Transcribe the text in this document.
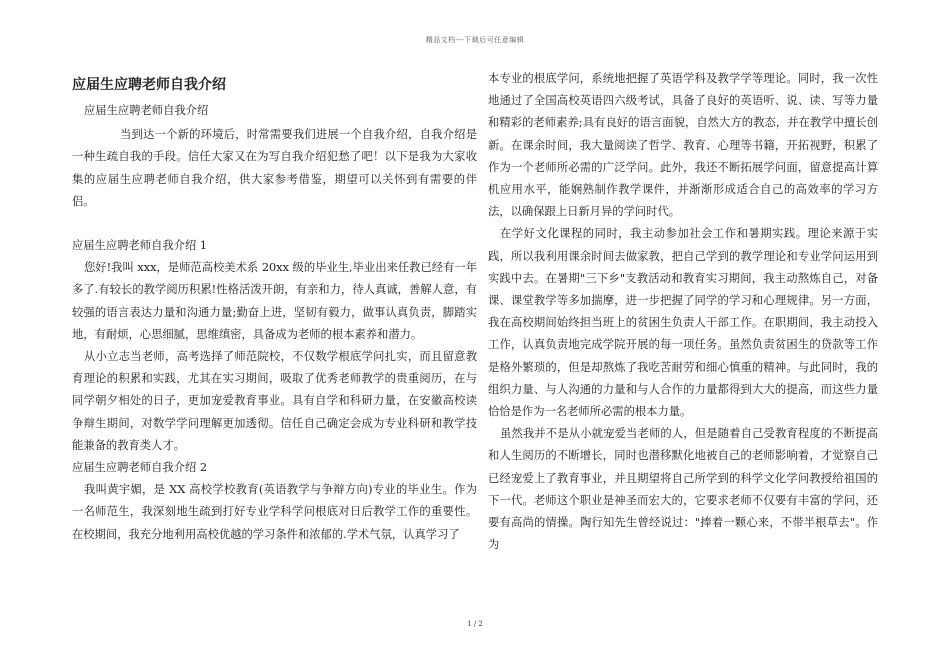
精品文档---下载后可任意编辑
应届生应聘老师自我介绍

应届生应聘老师自我介绍

当到达一个新的环境后，时常需要我们进展一个自我介绍，自我介绍是一种生疏自我的手段。信任大家又在为写自我介绍犯愁了吧！以下是我为大家收集的应届生应聘老师自我介绍，供大家参考借鉴，期望可以关怀到有需要的伴侣。

应届生应聘老师自我介绍 1

您好!我叫 xxx，是师范高校美术系 20xx 级的毕业生,毕业出来任教已经有一年多了.有较长的教学阅历积累!性格活泼开朗，有亲和力，待人真诚，善解人意，有较强的语言表达力量和沟通力量;勤奋上进，坚韧有毅力，做事认真负责，脚踏实地，有耐烦，心思细腻，思维缜密，具备成为老师的根本素养和潜力。

从小立志当老师，高考选择了师范院校，不仅数学根底学问扎实，而且留意教育理论的积累和实践，尤其在实习期间，吸取了优秀老师教学的贵重阅历，在与同学朝夕相处的日子，更加宠爱教育事业。具有自学和科研力量，在安徽高校读争辩生期间，对数学学问理解更加透彻。信任自己确定会成为专业科研和教学技能兼备的教育类人才。

应届生应聘老师自我介绍 2

我叫黄宇媚，是 XX 高校学校教育(英语教学与争辩方向)专业的毕业生。作为一名师范生，我深刻地生疏到打好专业学科学问根底对日后教学工作的重要性。在校期间，我充分地利用高校优越的学习条件和浓郁的.学术气氛，认真学习了

本专业的根底学问，系统地把握了英语学科及教学学等理论。同时，我一次性地通过了全国高校英语四六级考试，具备了良好的英语听、说、读、写等力量和精彩的老师素养;具有良好的语言面貌，自然大方的教态，并在教学中擅长创新。在课余时间，我大量阅读了哲学、教育、心理等书籍，开拓视野，积累了作为一个老师所必需的广泛学问。此外，我还不断拓展学问面，留意提高计算机应用水平，能娴熟制作教学课件，并渐渐形成适合自己的高效率的学习方法，以确保跟上日新月异的学问时代。

在学好文化课程的同时，我主动参加社会工作和暑期实践。理论来源于实践，所以我利用课余时间去做家教，把自己学到的教学理论和专业学问运用到实践中去。在暑期"三下乡"支教活动和教育实习期间，我主动熬炼自己，对备课、课堂教学等多加揣摩，进一步把握了同学的学习和心理规律。另一方面，我在高校期间始终担当班上的贫困生负责人干部工作。在职期间，我主动投入工作，认真负责地完成学院开展的每一项任务。虽然负责贫困生的贷款等工作是格外繁琐的，但是却熬炼了我吃苦耐劳和细心慎重的精神。与此同时，我的组织力量、与人沟通的力量和与人合作的力量都得到大大的提高，而这些力量恰恰是作为一名老师所必需的根本力量。

虽然我并不是从小就宠爱当老师的人，但是随着自己受教育程度的不断提高和人生阅历的不断增长，同时也潜移默化地被自己的老师影响着，才觉察自己已经宠爱上了教育事业，并且期望将自己所学到的科学文化学问教授给祖国的下一代。老师这个职业是神圣而宏大的，它要求老师不仅要有丰富的学问，还要有高尚的情操。陶行知先生曾经说过："捧着一颗心来，不带半根草去"。作为

1 / 2
